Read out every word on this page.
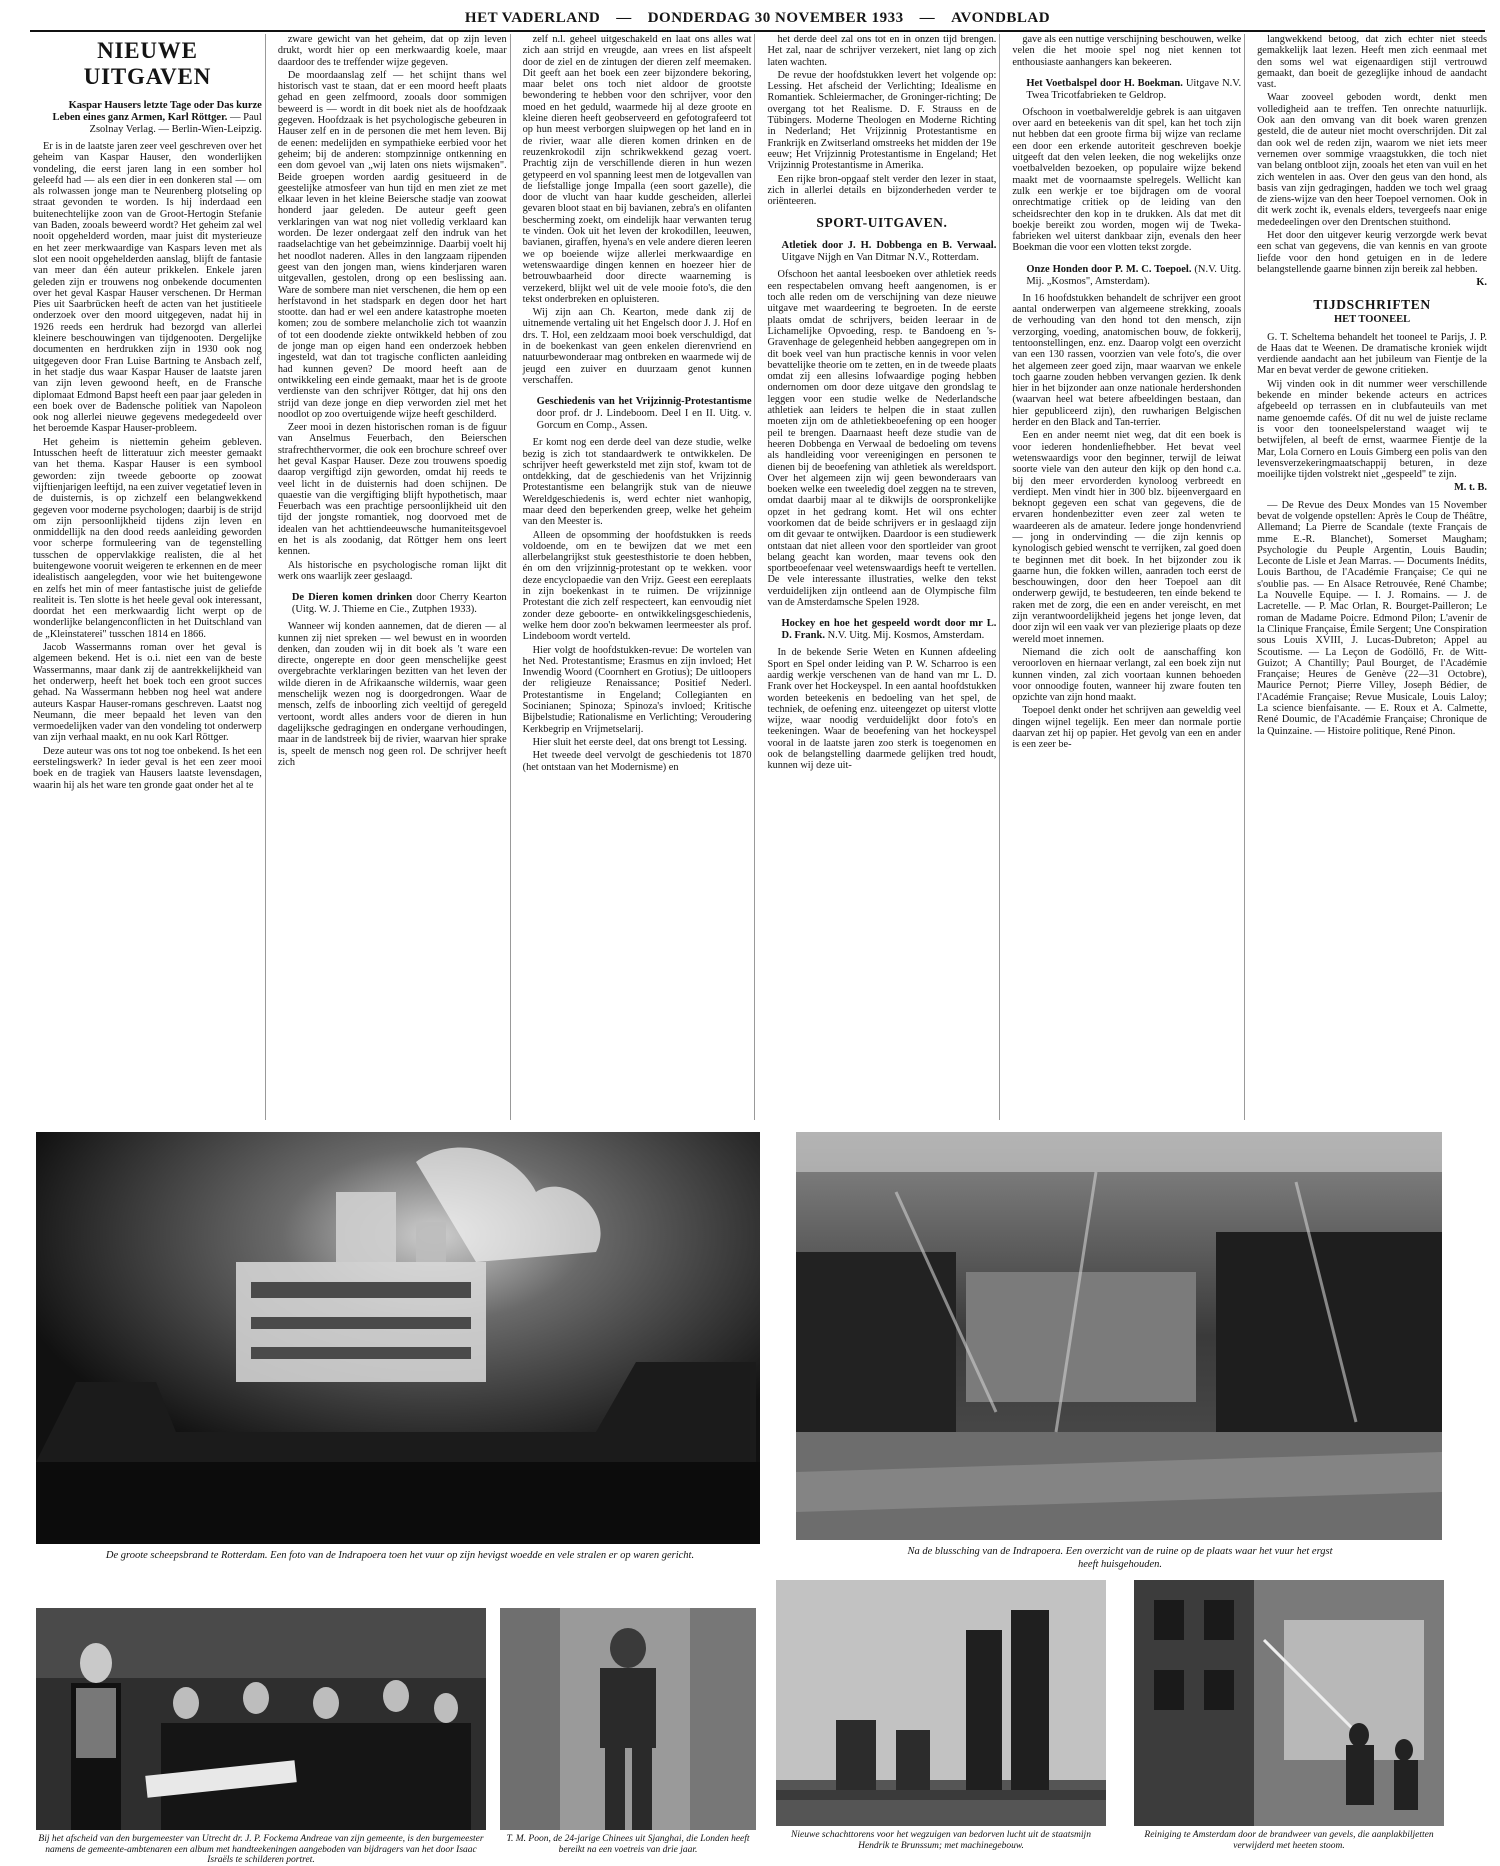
HET VADERLAND — DONDERDAG 30 NOVEMBER 1933 — AVONDBLAD
NIEUWE UITGAVEN

Kaspar Hausers letzte Tage oder Das kurze Leben eines ganz Armen, Karl Röttger. — Paul Zsolnay Verlag. — Berlin-Wien-Leipzig.

Er is in de laatste jaren zeer veel geschreven over het geheim van Kaspar Hauser, den wonderlijken vondeling, die eerst jaren lang in een somber hol geleefd had — als een dier in een donkeren stal — om als rolwassen jonge man te Neurenberg plotseling op straat gevonden te worden. Is hij inderdaad een buitenechtelijke zoon van de Groot-Hertogin Stefanie van Baden, zooals beweerd wordt? Het geheim zal wel nooit opgehelderd worden, maar juist dit mysterieuze en het zeer merkwaardige van Kaspars leven met als slot een nooit opgehelderden aanslag, blijft de fantasie van meer dan één auteur prikkelen. Enkele jaren geleden zijn er trouwens nog onbekende documenten over het geval Kaspar Hauser verschenen. Dr Herman Pies uit Saarbrücken heeft de acten van het justitieele onderzoek over den moord uitgegeven, nadat hij in 1926 reeds een herdruk had bezorgd van allerlei kleinere beschouwingen van tijdgenooten. Dergelijke documenten en herdrukken zijn in 1930 ook nog uitgegeven door Fran Luise Bartning te Ansbach zelf, in het stadje dus waar Kaspar Hauser de laatste jaren van zijn leven gewoond heeft, en de Fransche diplomaat Edmond Bapst heeft een paar jaar geleden in een boek over de Badensche politiek van Napoleon ook nog allerlei nieuwe gegevens medegedeeld over het beroemde Kaspar Hauser-probleem.

Het geheim is niettemin geheim gebleven. Intusschen heeft de litteratuur zich meester gemaakt van het thema. Kaspar Hauser is een symbool geworden: zijn tweede geboorte op zoowat vijftienjarigen leeftijd, na een zuiver vegetatief leven in de duisternis, is op zichzelf een belangwekkend gegeven voor moderne psychologen; daarbij is de strijd om zijn persoonlijkheid tijdens zijn leven en onmiddellijk na den dood reeds aanleiding geworden voor scherpe formuleering van de tegenstelling tusschen de oppervlakkige realisten, die al het buitengewone vooruit weigeren te erkennen en de meer idealistisch aangelegden, voor wie het buitengewone en zelfs het min of meer fantastische juist de geliefde realiteit is. Ten slotte is het heele geval ook interessant, doordat het een merkwaardig licht werpt op de wonderlijke belangenconflicten in het Duitschland van de „Kleinstaterei" tusschen 1814 en 1866.

Jacob Wassermanns roman over het geval is algemeen bekend. Het is o.i. niet een van de beste Wassermanns, maar dank zij de aantrekkelijkheid van het onderwerp, heeft het boek toch een groot succes gehad. Na Wassermann hebben nog heel wat andere auteurs Kaspar Hauser-romans geschreven. Laatst nog Neumann, die meer bepaald het leven van den vermoedelijken vader van den vondeling tot onderwerp van zijn verhaal maakt, en nu ook Karl Röttger.

Deze auteur was ons tot nog toe onbekend. Is het een eerstelingswerk? In ieder geval is het een zeer mooi boek en de tragiek van Hausers laatste levensdagen, waarin hij als het ware ten gronde gaat onder het al te

zware gewicht van het geheim, dat op zijn leven drukt, wordt hier op een merkwaardig koele, maar daardoor des te treffender wijze gegeven.

De moordaanslag zelf — het schijnt thans wel historisch vast te staan, dat er een moord heeft plaats gehad en geen zelfmoord, zooals door sommigen beweerd is — wordt in dit boek niet als de hoofdzaak gegeven. Hoofdzaak is het psychologische gebeuren in Hauser zelf en in de personen die met hem leven. Bij de eenen: medelijden en sympathieke eerbied voor het geheim; bij de anderen: stompzinnige ontkenning en een dom gevoel van „wij laten ons niets wijsmaken". Beide groepen worden aardig gesitueerd in de geestelijke atmosfeer van hun tijd en men ziet ze met elkaar leven in het kleine Beiersche stadje van zoowat honderd jaar geleden. De auteur geeft geen verklaringen van wat nog niet volledig verklaard kan worden. De lezer ondergaat zelf den indruk van het raadselachtige van het gebeimzinnige. Daarbij voelt hij het noodlot naderen. Alles in den langzaam rijpenden geest van den jongen man, wiens kinderjaren waren uitgevallen, gestolen, drong op een beslissing aan. Ware de sombere man niet verschenen, die hem op een herfstavond in het stadspark en degen door het hart stootte. dan had er wel een andere katastrophe moeten komen; zou de sombere melancholie zich tot waanzin of tot een doodende ziekte ontwikkeld hebben of zou de jonge man op eigen hand een onderzoek hebben ingesteld, wat dan tot tragische conflicten aanleiding had kunnen geven? De moord heeft aan de ontwikkeling een einde gemaakt, maar het is de groote verdienste van den schrijver Röttger, dat hij ons den strijd van deze jonge en diep verworden ziel met het noodlot op zoo overtuigende wijze heeft geschilderd.

Zeer mooi in dezen historischen roman is de figuur van Anselmus Feuerbach, den Beierschen strafrechthervormer, die ook een brochure schreef over het geval Kaspar Hauser. Deze zou trouwens spoedig daarop vergiftigd zijn geworden, omdat hij reeds te veel licht in de duisternis had doen schijnen. De quaestie van die vergiftiging blijft hypothetisch, maar Feuerbach was een prachtige persoonlijkheid uit den tijd der jongste romantiek, nog doorvoed met de idealen van het achttiendeeuwsche humaniteitsgevoel en het is als zoodanig, dat Röttger hem ons leert kennen.

Als historische en psychologische roman lijkt dit werk ons waarlijk zeer geslaagd.

De Dieren komen drinken door Cherry Kearton (Uitg. W. J. Thieme en Cie., Zutphen 1933).

Wanneer wij konden aannemen, dat de dieren — al kunnen zij niet spreken — wel bewust en in woorden denken, dan zouden wij in dit boek als 't ware een directe, ongerepte en door geen menschelijke geest overgebrachte verklaringen bezitten van het leven der wilde dieren in de Afrikaansche wildernis, waar geen menschelijk wezen nog is doorgedrongen. Waar de mensch, zelfs de inboorling zich veeltijd of geregeld vertoont, wordt alles anders voor de dieren in hun dagelijksche gedragingen en ondergane verhoudingen, maar in de landstreek bij de rivier, waarvan hier sprake is, speelt de mensch nog geen rol. De schrijver heeft zich

zelf n.l. geheel uitgeschakeld en laat ons alles wat zich aan strijd en vreugde, aan vrees en list afspeelt door de ziel en de zintugen der dieren zelf meemaken. Dit geeft aan het boek een zeer bijzondere bekoring, maar belet ons toch niet aldoor de grootste bewondering te hebben voor den schrijver, voor den moed en het geduld, waarmede hij al deze groote en kleine dieren heeft geobserveerd en gefotografeerd tot op hun meest verborgen sluipwegen op het land en in de rivier, waar alle dieren komen drinken en de reuzenkrokodil zijn schrikwekkend gezag voert. Prachtig zijn de verschillende dieren in hun wezen getypeerd en vol spanning leest men de lotgevallen van de liefstallige jonge Impalla (een soort gazelle), die door de vlucht van haar kudde gescheiden, allerlei gevaren bloot staat en bij bavianen, zebra's en olifanten bescherming zoekt, om eindelijk haar verwanten terug te vinden. Ook uit het leven der krokodillen, leeuwen, bavianen, giraffen, hyena's en vele andere dieren leeren we op boeiende wijze allerlei merkwaardige en wetenswaardige dingen kennen en hoezeer hier de betrouwbaarheid door directe waarneming is verzekerd, blijkt wel uit de vele mooie foto's, die den tekst onderbreken en opluisteren.

Wij zijn aan Ch. Kearton, mede dank zij de uitnemende vertaling uit het Engelsch door J. J. Hof en drs. T. Hol, een zeldzaam mooi boek verschuldigd, dat in de boekenkast van geen enkelen dierenvriend en natuurbewonderaar mag ontbreken en waarmede wij de jeugd een zuiver en duurzaam genot kunnen verschaffen.

Geschiedenis van het Vrijzinnig-Protestantisme door prof. dr J. Lindeboom. Deel I en II. Uitg. v. Gorcum en Comp., Assen.

Er komt nog een derde deel van deze studie, welke bezig is zich tot standaardwerk te ontwikkelen. De schrijver heeft gewerksteld met zijn stof, kwam tot de ontdekking, dat de geschiedenis van het Vrijzinnig Protestantisme een belangrijk stuk van de nieuwe Wereldgeschiedenis is, werd echter niet wanhopig, maar deed den beperkenden greep, welke het geheim van den Meester is.

Alleen de opsomming der hoofdstukken is reeds voldoende, om en te bewijzen dat we met een allerbelangrijkst stuk geestesthistorie te doen hebben, én om den vrijzinnig-protestant op te wekken. voor deze encyclopaedie van den Vrijz. Geest een eereplaats in zijn boekenkast in te ruimen. De vrijzinnige Protestant die zich zelf respecteert, kan eenvoudig niet zonder deze geboorte- en ontwikkelingsgeschiedenis, welke hem door zoo'n bekwamen leermeester als prof. Lindeboom wordt verteld.

Hier volgt de hoofdstukken-revue: De wortelen van het Ned. Protestantisme; Erasmus en zijn invloed; Het Inwendig Woord (Coornhert en Grotius); De uitloopers der religieuze Renaissance; Positief Nederl. Protestantisme in Engeland; Collegianten en Socinianen; Spinoza; Spinoza's invloed; Kritische Bijbelstudie; Rationalisme en Verlichting; Veroudering Kerkbegrip en Vrijmetselarij.

Hier sluit het eerste deel, dat ons brengt tot Lessing.

Het tweede deel vervolgt de geschiedenis tot 1870 (het ontstaan van het Modernisme) en

het derde deel zal ons tot en in onzen tijd brengen. Het zal, naar de schrijver verzekert, niet lang op zich laten wachten.

De revue der hoofdstukken levert het volgende op: Lessing. Het afscheid der Verlichting; Idealisme en Romantiek. Schleiermacher, de Groninger-richting; De overgang tot het Realisme. D. F. Strauss en de Tübingers. Moderne Theologen en Moderne Richting in Nederland; Het Vrijzinnig Protestantisme en Frankrijk en Zwitserland omstreeks het midden der 19e eeuw; Het Vrijzinnig Protestantisme in Engeland; Het Vrijzinnig Protestantisme in Amerika.

Een rijke bron-opgaaf stelt verder den lezer in staat, zich in allerlei details en bijzonderheden verder te oriënteeren.

SPORT-UITGAVEN.

Atletiek door J. H. Dobbenga en B. Verwaal. Uitgave Nijgh en Van Ditmar N.V., Rotterdam.

Ofschoon het aantal leesboeken over athletiek reeds een respectabelen omvang heeft aangenomen, is er toch alle reden om de verschijning van deze nieuwe uitgave met waardeering te begroeten. In de eerste plaats omdat de schrijvers, beiden leeraar in de Lichamelijke Opvoeding, resp. te Bandoeng en 's-Gravenhage de gelegenheid hebben aangegrepen om in dit boek veel van hun practische kennis in voor velen bevattelijke theorie om te zetten, en in de tweede plaats omdat zij een allesins lofwaardige poging hebben ondernomen om door deze uitgave den grondslag te leggen voor een studie welke de Nederlandsche athletiek aan leiders te helpen die in staat zullen moeten zijn om de athletiekbeoefening op een hooger peil te brengen. Daarnaast heeft deze studie van de heeren Dobbenga en Verwaal de bedoeling om tevens als handleiding voor vereenigingen en personen te dienen bij de beoefening van athletiek als wereldsport. Over het algemeen zijn wij geen bewonderaars van boeken welke een tweeledig doel zeggen na te streven, omdat daarbij maar al te dikwijls de oorspronkelijke opzet in het gedrang komt. Het wil ons echter voorkomen dat de beide schrijvers er in geslaagd zijn om dit gevaar te ontwijken. Daardoor is een studiewerk ontstaan dat niet alleen voor den sportleider van groot belang geacht kan worden, maar tevens ook den sportbeoefenaar veel wetenswaardigs heeft te vertellen. De vele interessante illustraties, welke den tekst verduidelijken zijn ontleend aan de Olympische film van de Amsterdamsche Spelen 1928.

Hockey en hoe het gespeeld wordt door mr L. D. Frank. N.V. Uitg. Mij. Kosmos, Amsterdam.

In de bekende Serie Weten en Kunnen afdeeling Sport en Spel onder leiding van P. W. Scharroo is een aardig werkje verschenen van de hand van mr L. D. Frank over het Hockeyspel. In een aantal hoofdstukken worden beteekenis en bedoeling van het spel, de techniek, de oefening enz. uiteengezet op uiterst vlotte wijze, waar noodig verduidelijkt door foto's en teekeningen. Waar de beoefening van het hockeyspel vooral in de laatste jaren zoo sterk is toegenomen en ook de belangstelling daarmede gelijken tred houdt, kunnen wij deze uit-

gave als een nuttige verschijning beschouwen, welke velen die het mooie spel nog niet kennen tot enthousiaste aanhangers kan bekeeren.

Het Voetbalspel door H. Boekman. Uitgave N.V. Twea Tricotfabrieken te Geldrop.

Ofschoon in voetbalwereldje gebrek is aan uitgaven over aard en beteekenis van dit spel, kan het toch zijn nut hebben dat een groote firma bij wijze van reclame een door een erkende autoriteit geschreven boekje uitgeeft dat den velen leeken, die nog wekelijks onze voetbalvelden bezoeken, op populaire wijze bekend maakt met de voornaamste spelregels. Wellicht kan zulk een werkje er toe bijdragen om de vooral onrechtmatige critiek op de leiding van den scheidsrechter den kop in te drukken. Als dat met dit boekje bereikt zou worden, mogen wij de Tweka-fabrieken wel uiterst dankbaar zijn, evenals den heer Boekman die voor een vlotten tekst zorgde.

Onze Honden door P. M. C. Toepoel. (N.V. Uitg. Mij. „Kosmos", Amsterdam).

In 16 hoofdstukken behandelt de schrijver een groot aantal onderwerpen van algemeene strekking, zooals de verhouding van den hond tot den mensch, zijn verzorging, voeding, anatomischen bouw, de fokkerij, tentoonstellingen, enz. enz. Daarop volgt een overzicht van een 130 rassen, voorzien van vele foto's, die over het algemeen zeer goed zijn, maar waarvan we enkele toch gaarne zouden hebben vervangen gezien. Ik denk hier in het bijzonder aan onze nationale herdershonden (waarvan heel wat betere afbeeldingen bestaan, dan hier gepubliceerd zijn), den ruwharigen Belgischen herder en den Black and Tan-terrier.

Een en ander neemt niet weg, dat dit een boek is voor iederen hondenliefhebber. Het bevat veel wetenswaardigs voor den beginner, terwijl de leiwat soorte viele van den auteur den kijk op den hond c.a. bij den meer ervorderden kynoloog verbreedt en verdiept. Men vindt hier in 300 blz. bijeenvergaard en beknopt gegeven een schat van gegevens, die de ervaren hondenbezitter even zeer zal weten te waardeeren als de amateur. Iedere jonge hondenvriend — jong in ondervinding — die zijn kennis op kynologisch gebied wenscht te verrijken, zal goed doen te beginnen met dit boek. In het bijzonder zou ik gaarne hun, die fokken willen, aanraden toch eerst de beschouwingen, door den heer Toepoel aan dit onderwerp gewijd, te bestudeeren, ten einde bekend te raken met de zorg, die een en ander vereischt, en met zijn verantwoordelijkheid jegens het jonge leven, dat door zijn wil een vaak ver van plezierige plaats op deze wereld moet innemen.

Niemand die zich oolt de aanschaffing kon veroorloven en hiernaar verlangt, zal een boek zijn nut kunnen vinden, zal zich voortaan kunnen behoeden voor onnoodige fouten, wanneer hij zware fouten ten opzichte van zijn hond maakt.

Toepoel denkt onder het schrijven aan geweldig veel dingen wijnel tegelijk. Een meer dan normale portie daarvan zet hij op papier. Het gevolg van een en ander is een zeer be-

langwekkend betoog, dat zich echter niet steeds gemakkelijk laat lezen. Heeft men zich eenmaal met den soms wel wat eigenaardigen stijl vertrouwd gemaakt, dan boeit de gezeglijke inhoud de aandacht vast.

Waar zooveel geboden wordt, denkt men volledigheid aan te treffen. Ten onrechte natuurlijk. Ook aan den omvang van dit boek waren grenzen gesteld, die de auteur niet mocht overschrijden. Dit zal dan ook wel de reden zijn, waarom we niet iets meer vernemen over sommige vraagstukken, die toch niet van belang ontbloot zijn, zooals het eten van vuil en het zich wentelen in aas. Over den geus van den hond, als basis van zijn gedragingen, hadden we toch wel graag de ziens-wijze van den heer Toepoel vernomen. Ook in dit werk zocht ik, evenals elders, tevergeefs naar enige mededeelingen over den Drentschen stuithond.

Het door den uitgever keurig verzorgde werk bevat een schat van gegevens, die van kennis en van groote liefde voor den hond getuigen en in de ledere belangstellende gaarne binnen zijn bereik zal hebben.

K.

TIJDSCHRIFTEN
HET TOONEEL

G. T. Scheltema behandelt het tooneel te Parijs, J. P. de Haas dat te Weenen. De dramatische kroniek wijdt verdiende aandacht aan het jubileum van Fientje de la Mar en bevat verder de gewone critieken.

Wij vinden ook in dit nummer weer verschillende bekende en minder bekende acteurs en actrices afgebeeld op terrassen en in clubfauteuils van met name genoemde cafés. Of dit nu wel de juiste reclame is voor den tooneelspelerstand waaget wij te betwijfelen, al beeft de ernst, waarmee Fientje de la Mar, Lola Cornero en Louis Gimberg een polis van den levensverzekeringmaatschappij beturen, in deze moeilijke tijden volstrekt niet „gespeeld" te zijn.

M. t. B.

— De Revue des Deux Mondes van 15 November bevat de volgende opstellen: Après le Coup de Théâtre, Allemand; La Pierre de Scandale (texte Français de mme E.-R. Blanchet), Somerset Maugham; Psychologie du Peuple Argentin, Louis Baudin; Leconte de Lisle et Jean Marras. — Documents Inédits, Louis Barthou, de l'Académie Française; Ce qui ne s'oublie pas. — En Alsace Retrouvée, René Chambe; La Nouvelle Equipe. — I. J. Romains. — J. de Lacretelle. — P. Mac Orlan, R. Bourget-Pailleron; Le roman de Madame Poicre. Edmond Pilon; L'avenir de la Clinique Française, Émile Sergent; Une Conspiration sous Louis XVIII, J. Lucas-Dubreton; Appel au Scoutisme. — La Leçon de Godöllő, Fr. de Witt-Guizot; A Chantilly; Paul Bourget, de l'Académie Française; Heures de Genève (22—31 Octobre), Maurice Pernot; Pierre Villey, Joseph Bédier, de l'Académie Française; Revue Musicale, Louis Laloy; La science bienfaisante. — E. Roux et A. Calmette, René Doumic, de l'Académie Française; Chronique de la Quinzaine. — Histoire politique, René Pinon.

De groote scheepsbrand te Rotterdam. Een foto van de Indrapoera toen het vuur op zijn hevigst woedde en vele stralen er op waren gericht.	Na de blussching van de Indrapoera. Een overzicht van de ruine op de plaats waar het vuur het ergst heeft huisgehouden.
Bij het afscheid van den burgemeester van Utrecht dr. J. P. Fockema Andreae van zijn gemeente, is den burgemeester namens de gemeente-ambtenaren een album met handteekeningen aangeboden van bijdragers van het door Isaac Israëls te schilderen portret.
T. M. Poon, de 24-jarige Chinees uit Sjanghai, die Londen heeft bereikt na een voetreis van drie jaar.
Nieuwe schachttorens voor het wegzuigen van bedorven lucht uit de staatsmijn Hendrik te Brunssum; met machinegebouw.
Reiniging te Amsterdam door de brandweer van gevels, die aanplakbiljetten verwijderd met heeten stoom.
